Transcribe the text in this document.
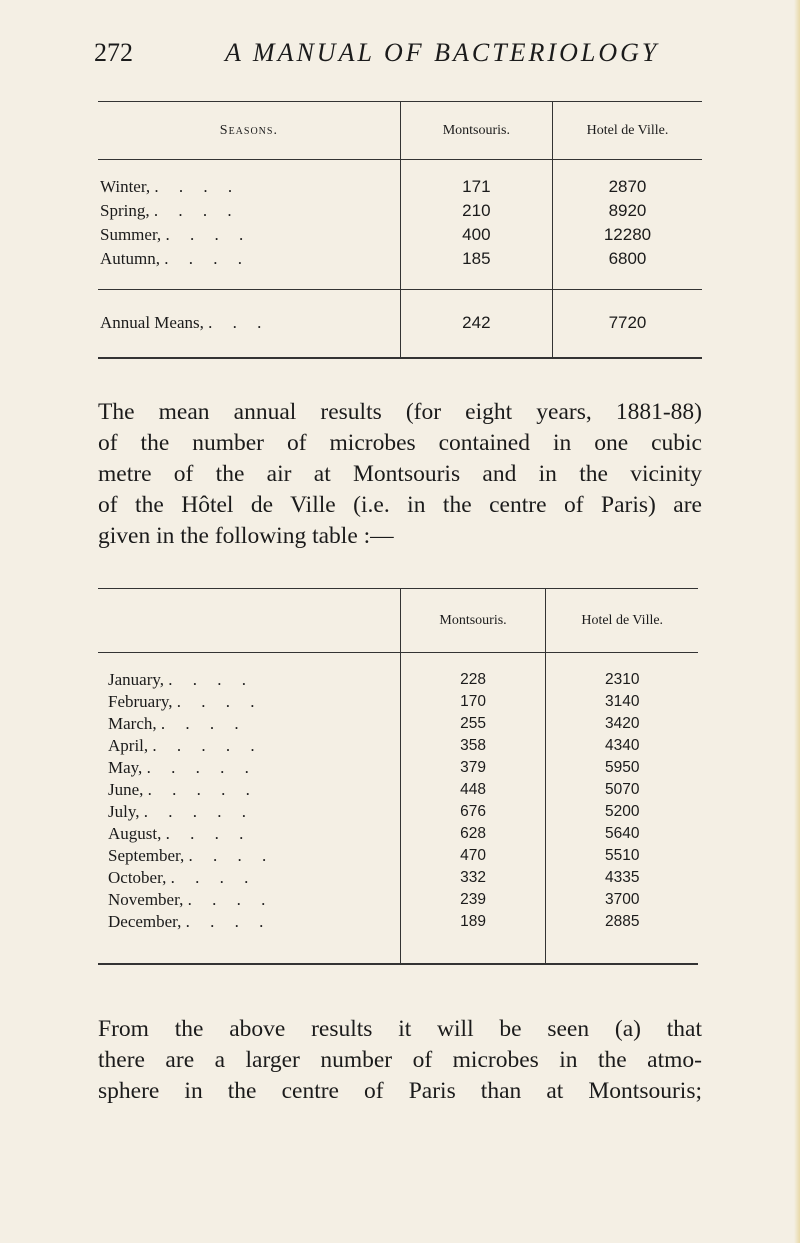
272	A MANUAL OF BACTERIOLOGY
Seasons.	Montsouris.	Hotel de Ville.

Winter, . . . .	171	2870
Spring, . . . .	210	8920
Summer, . . . .	400	12280
Autumn, . . . .	185	6800

Annual Means, . . .	242	7720

The mean annual results (for eight years, 1881-88)
of the number of microbes contained in one cubic
metre of the air at Montsouris and in the vicinity
of the Hôtel de Ville (i.e. in the centre of Paris) are
given in the following table :—

	Montsouris.	Hotel de Ville.

January, . . . .	228	2310
February, . . . .	170	3140
March, . . . .	255	3420
April, . . . . .	358	4340
May, . . . . .	379	5950
June, . . . . .	448	5070
July, . . . . .	676	5200
August, . . . .	628	5640
September, . . . .	470	5510
October, . . . .	332	4335
November, . . . .	239	3700
December, . . . .	189	2885

From the above results it will be seen (a) that
there are a larger number of microbes in the atmo-
sphere in the centre of Paris than at Montsouris;
